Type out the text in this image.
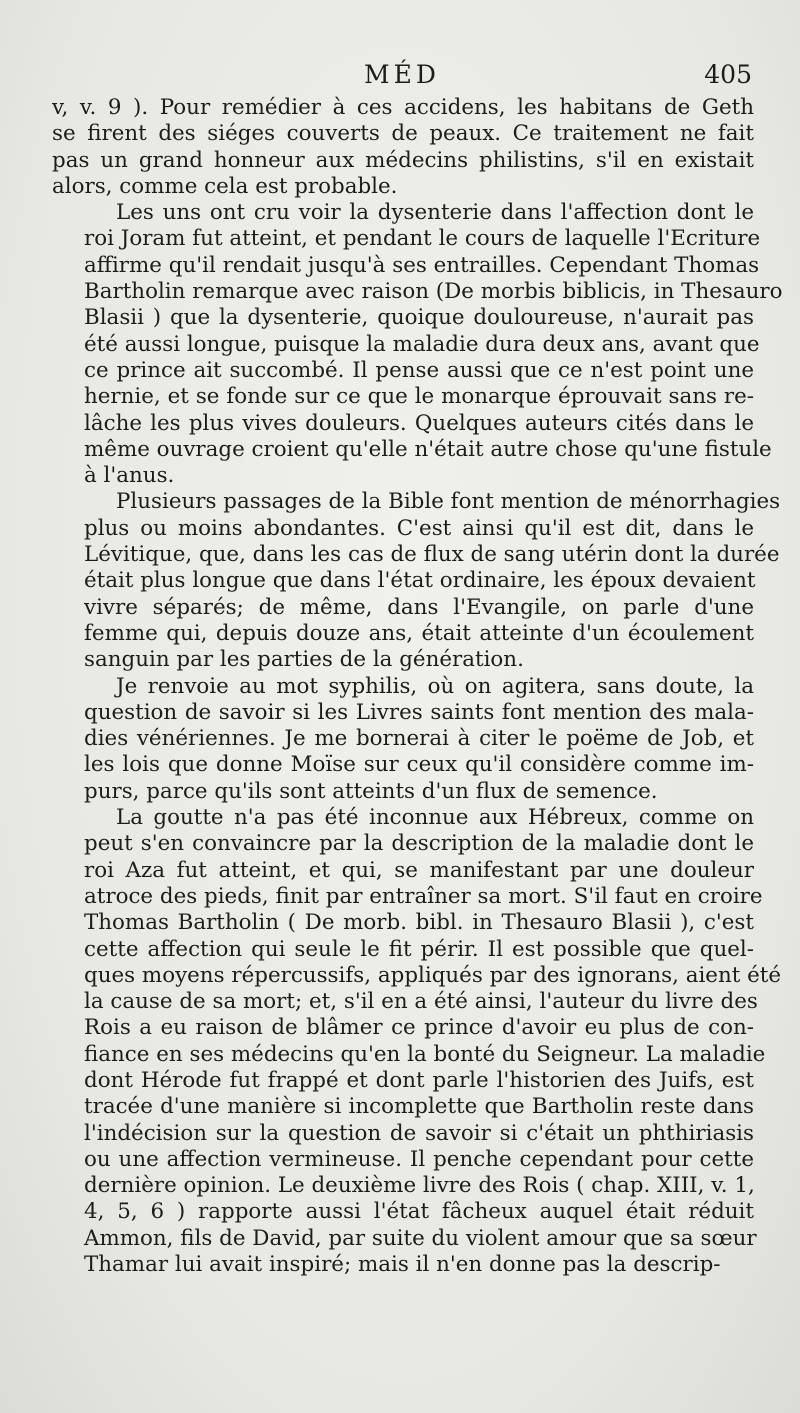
MÉD	405
v, v. 9 ). Pour remédier à ces accidens, les habitans de Geth
se firent des siéges couverts de peaux. Ce traitement ne fait
pas un grand honneur aux médecins philistins, s'il en existait
alors, comme cela est probable.
Les uns ont cru voir la dysenterie dans l'affection dont le
roi Joram fut atteint, et pendant le cours de laquelle l'Ecriture
affirme qu'il rendait jusqu'à ses entrailles. Cependant Thomas
Bartholin remarque avec raison (De morbis biblicis, in Thesauro
Blasii ) que la dysenterie, quoique douloureuse, n'aurait pas
été aussi longue, puisque la maladie dura deux ans, avant que
ce prince ait succombé. Il pense aussi que ce n'est point une
hernie, et se fonde sur ce que le monarque éprouvait sans re-
lâche les plus vives douleurs. Quelques auteurs cités dans le
même ouvrage croient qu'elle n'était autre chose qu'une fistule
à l'anus.
Plusieurs passages de la Bible font mention de ménorrhagies
plus ou moins abondantes. C'est ainsi qu'il est dit, dans le
Lévitique, que, dans les cas de flux de sang utérin dont la durée
était plus longue que dans l'état ordinaire, les époux devaient
vivre séparés; de même, dans l'Evangile, on parle d'une
femme qui, depuis douze ans, était atteinte d'un écoulement
sanguin par les parties de la génération.
Je renvoie au mot syphilis, où on agitera, sans doute, la
question de savoir si les Livres saints font mention des mala-
dies vénériennes. Je me bornerai à citer le poëme de Job, et
les lois que donne Moïse sur ceux qu'il considère comme im-
purs, parce qu'ils sont atteints d'un flux de semence.
La goutte n'a pas été inconnue aux Hébreux, comme on
peut s'en convaincre par la description de la maladie dont le
roi Aza fut atteint, et qui, se manifestant par une douleur
atroce des pieds, finit par entraîner sa mort. S'il faut en croire
Thomas Bartholin ( De morb. bibl. in Thesauro Blasii ), c'est
cette affection qui seule le fit périr. Il est possible que quel-
ques moyens répercussifs, appliqués par des ignorans, aient été
la cause de sa mort; et, s'il en a été ainsi, l'auteur du livre des
Rois a eu raison de blâmer ce prince d'avoir eu plus de con-
fiance en ses médecins qu'en la bonté du Seigneur. La maladie
dont Hérode fut frappé et dont parle l'historien des Juifs, est
tracée d'une manière si incomplette que Bartholin reste dans
l'indécision sur la question de savoir si c'était un phthiriasis
ou une affection vermineuse. Il penche cependant pour cette
dernière opinion. Le deuxième livre des Rois ( chap. XIII, v. 1,
4, 5, 6 ) rapporte aussi l'état fâcheux auquel était réduit
Ammon, fils de David, par suite du violent amour que sa sœur
Thamar lui avait inspiré; mais il n'en donne pas la descrip-
